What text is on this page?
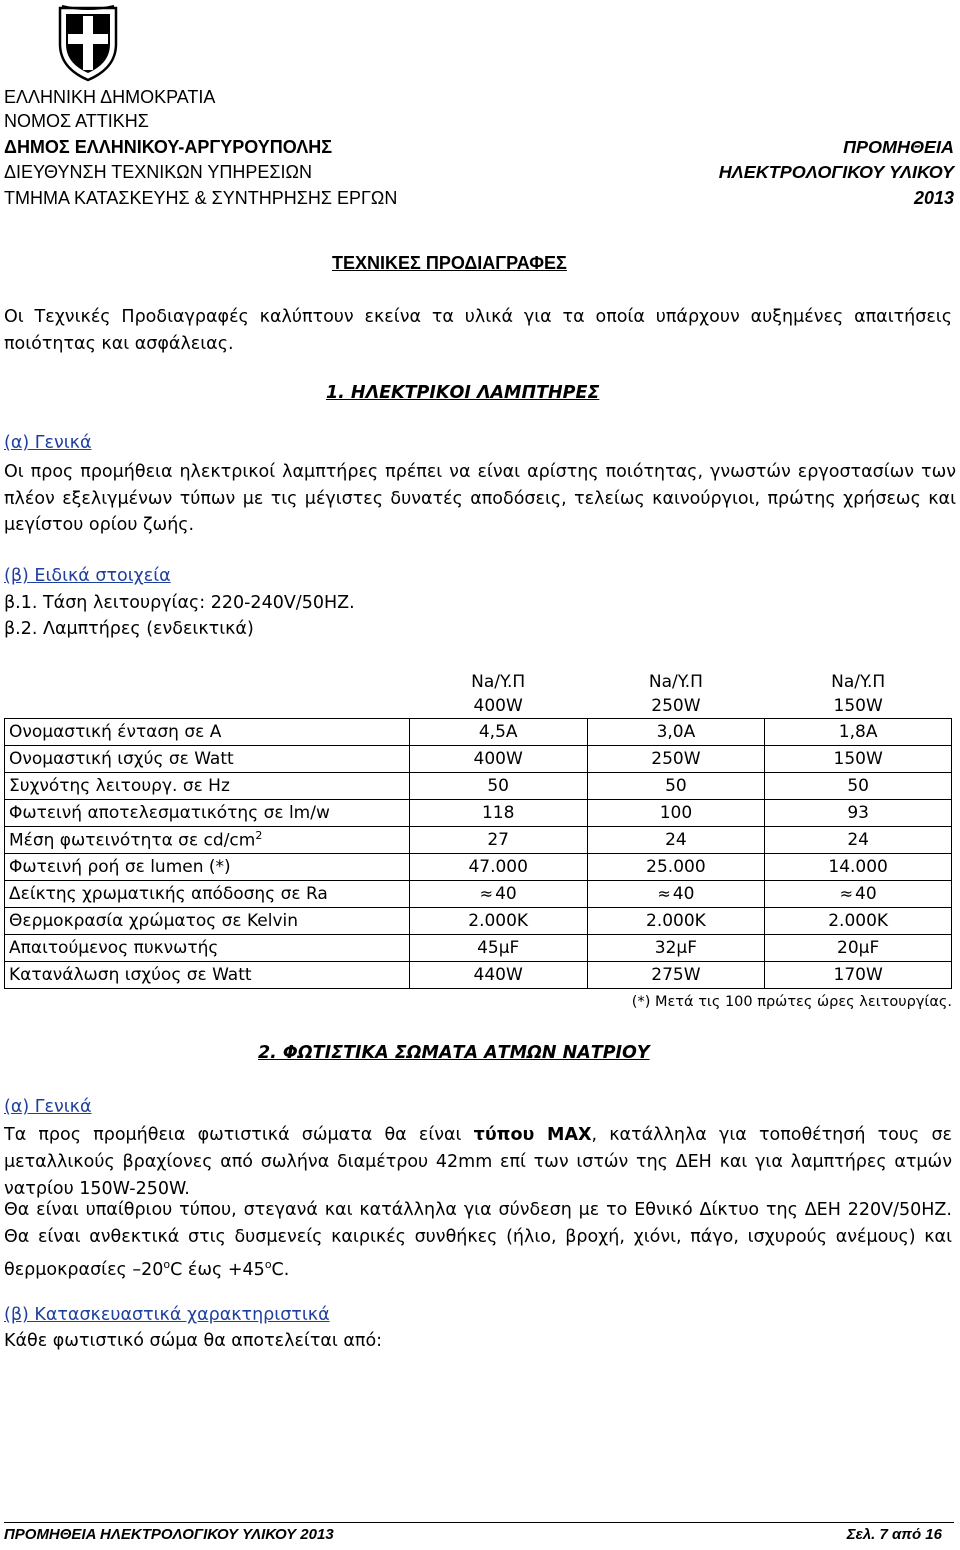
ΕΛΛΗΝΙΚΗ ΔΗΜΟΚΡΑΤΙΑ
ΝΟΜΟΣ ΑΤΤΙΚΗΣ
ΔΗΜΟΣ ΕΛΛΗΝΙΚΟΥ-ΑΡΓΥΡΟΥΠΟΛΗΣ
ΔΙΕΥΘΥΝΣΗ ΤΕΧΝΙΚΩΝ ΥΠΗΡΕΣΙΩΝ
ΤΜΗΜΑ ΚΑΤΑΣΚΕΥΗΣ & ΣΥΝΤΗΡΗΣΗΣ ΕΡΓΩΝ
ΠΡΟΜΗΘΕΙΑ
ΗΛΕΚΤΡΟΛΟΓΙΚΟΥ ΥΛΙΚΟΥ
2013
ΤΕΧΝΙΚΕΣ ΠΡΟΔΙΑΓΡΑΦΕΣ
Οι Τεχνικές Προδιαγραφές καλύπτουν εκείνα τα υλικά για τα οποία υπάρχουν αυξημένες απαιτήσεις ποιότητας και ασφάλειας.
1. ΗΛΕΚΤΡΙΚΟΙ ΛΑΜΠΤΗΡΕΣ
(α) Γενικά
Οι προς προμήθεια ηλεκτρικοί λαμπτήρες πρέπει να είναι αρίστης ποιότητας, γνωστών εργοστασίων των πλέον εξελιγμένων τύπων με τις μέγιστες δυνατές αποδόσεις, τελείως καινούργιοι, πρώτης χρήσεως και μεγίστου ορίου ζωής.
(β) Ειδικά στοιχεία
β.1. Τάση λειτουργίας: 220-240V/50HZ.
β.2. Λαμπτήρες (ενδεικτικά)
	Na/Y.Π	Na/Y.Π	Na/Y.Π
	400W	250W	150W
Ονομαστική ένταση σε Α	4,5Α	3,0Α	1,8Α
Ονομαστική ισχύς σε Watt	400W	250W	150W
Συχνότης λειτουργ. σε Hz	50	50	50
Φωτεινή αποτελεσματικότης σε lm/w	118	100	93
Μέση φωτεινότητα σε $cd/cm^2$	27	24	24
Φωτεινή ροή σε lumen (*)	47.000	25.000	14.000
Δείκτης χρωματικής απόδοσης σε Ra	≈ 40	≈ 40	≈ 40
Θερμοκρασία χρώματος σε Kelvin	2.000K	2.000K	2.000K
Απαιτούμενος πυκνωτής	45μF	32μF	20μF
Κατανάλωση ισχύος σε Watt	440W	275W	170W
(*) Μετά τις 100 πρώτες ώρες λειτουργίας.
2. ΦΩΤΙΣΤΙΚΑ ΣΩΜΑΤΑ ΑΤΜΩΝ ΝΑΤΡΙΟΥ
(α) Γενικά
Τα προς προμήθεια φωτιστικά σώματα θα είναι τύπου ΜΑΧ, κατάλληλα για τοποθέτησή τους σε μεταλλικούς βραχίονες από σωλήνα διαμέτρου 42mm επί των ιστών της ΔΕΗ και για λαμπτήρες ατμών νατρίου 150W-250W.
Θα είναι υπαίθριου τύπου, στεγανά και κατάλληλα για σύνδεση με το Εθνικό Δίκτυο της ΔΕΗ 220V/50HZ. Θα είναι ανθεκτικά στις δυσμενείς καιρικές συνθήκες (ήλιο, βροχή, χιόνι, πάγο, ισχυρούς ανέμους) και θερμοκρασίες $-20^oC$ $έ\omega\varsigma +45^oC$.
(β) Κατασκευαστικά χαρακτηριστικά
Κάθε φωτιστικό σώμα θα αποτελείται από:
ΠΡΟΜΗΘΕΙΑ ΗΛΕΚΤΡΟΛΟΓΙΚΟΥ ΥΛΙΚΟΥ 2013	Σελ. 7 από 16
